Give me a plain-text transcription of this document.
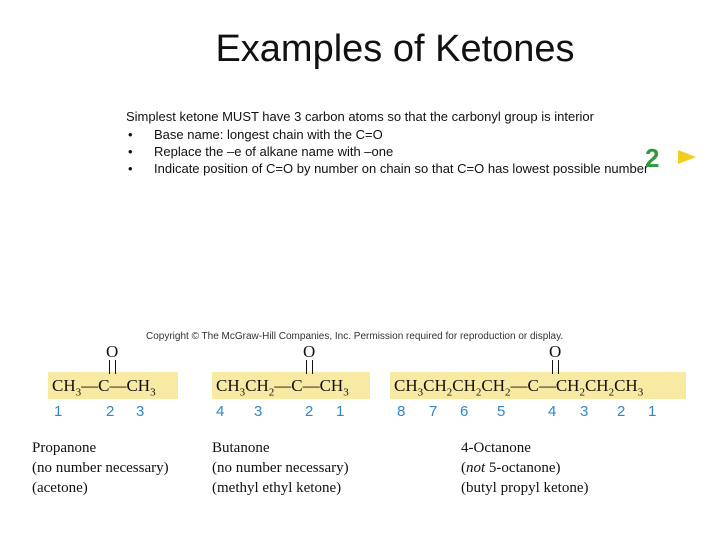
Examples of Ketones
Simplest ketone MUST have 3 carbon atoms so that the carbonyl group is interior
• Base name: longest chain with the C=O
• Replace the –e of alkane name with –one
• Indicate position of C=O by number on chain so that C=O has lowest possible number
2
Copyright © The McGraw-Hill Companies, Inc. Permission required for reproduction or display.
O
$CH_3—C—CH_3$
1	2 3
Propanone
(no number necessary)
(acetone)
O
$CH_3CH_2—C—CH_3$
4 3	2 1
Butanone
(no number necessary)
(methyl ethyl ketone)
O
$CH_3CH_2CH_2CH_2—C—CH_2CH_2CH_3$
8 7 6 5	4 3 2 1
4-Octanone
(not 5-octanone)
(butyl propyl ketone)
